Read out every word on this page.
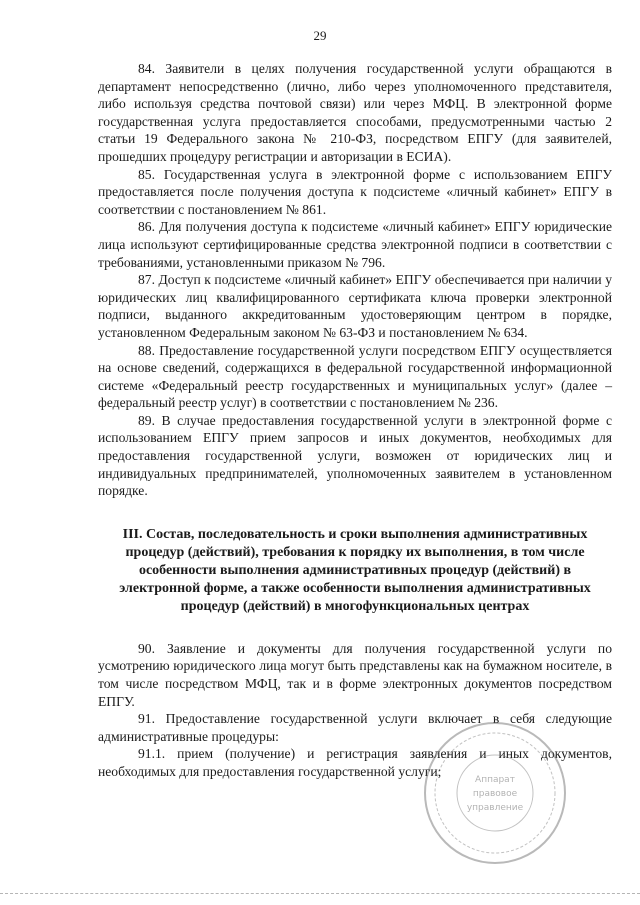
29

84. Заявители в целях получения государственной услуги обращаются в департамент непосредственно (лично, либо через уполномоченного представителя, либо используя средства почтовой связи) или через МФЦ. В электронной форме государственная услуга предоставляется способами, предусмотренными частью 2 статьи 19 Федерального закона № 210-ФЗ, посредством ЕПГУ (для заявителей, прошедших процедуру регистрации и авторизации в ЕСИА).

85. Государственная услуга в электронной форме с использованием ЕПГУ предоставляется после получения доступа к подсистеме «личный кабинет» ЕПГУ в соответствии с постановлением № 861.

86. Для получения доступа к подсистеме «личный кабинет» ЕПГУ юридические лица используют сертифицированные средства электронной подписи в соответствии с требованиями, установленными приказом № 796.

87. Доступ к подсистеме «личный кабинет» ЕПГУ обеспечивается при наличии у юридических лиц квалифицированного сертификата ключа проверки электронной подписи, выданного аккредитованным удостоверяющим центром в порядке, установленном Федеральным законом № 63-ФЗ и постановлением № 634.

88. Предоставление государственной услуги посредством ЕПГУ осуществляется на основе сведений, содержащихся в федеральной государственной информационной системе «Федеральный реестр государственных и муниципальных услуг» (далее – федеральный реестр услуг) в соответствии с постановлением № 236.

89. В случае предоставления государственной услуги в электронной форме с использованием ЕПГУ прием запросов и иных документов, необходимых для предоставления государственной услуги, возможен от юридических лиц и индивидуальных предпринимателей, уполномоченных заявителем в установленном порядке.

III. Состав, последовательность и сроки выполнения административных процедур (действий), требования к порядку их выполнения, в том числе особенности выполнения административных процедур (действий) в электронной форме, а также особенности выполнения административных процедур (действий) в многофункциональных центрах

90. Заявление и документы для получения государственной услуги по усмотрению юридического лица могут быть представлены как на бумажном носителе, в том числе посредством МФЦ, так и в форме электронных документов посредством ЕПГУ.

91. Предоставление государственной услуги включает в себя следующие административные процедуры:

91.1. прием (получение) и регистрация заявления и иных документов, необходимых для предоставления государственной услуги;

Аппарат
правовое
управление
